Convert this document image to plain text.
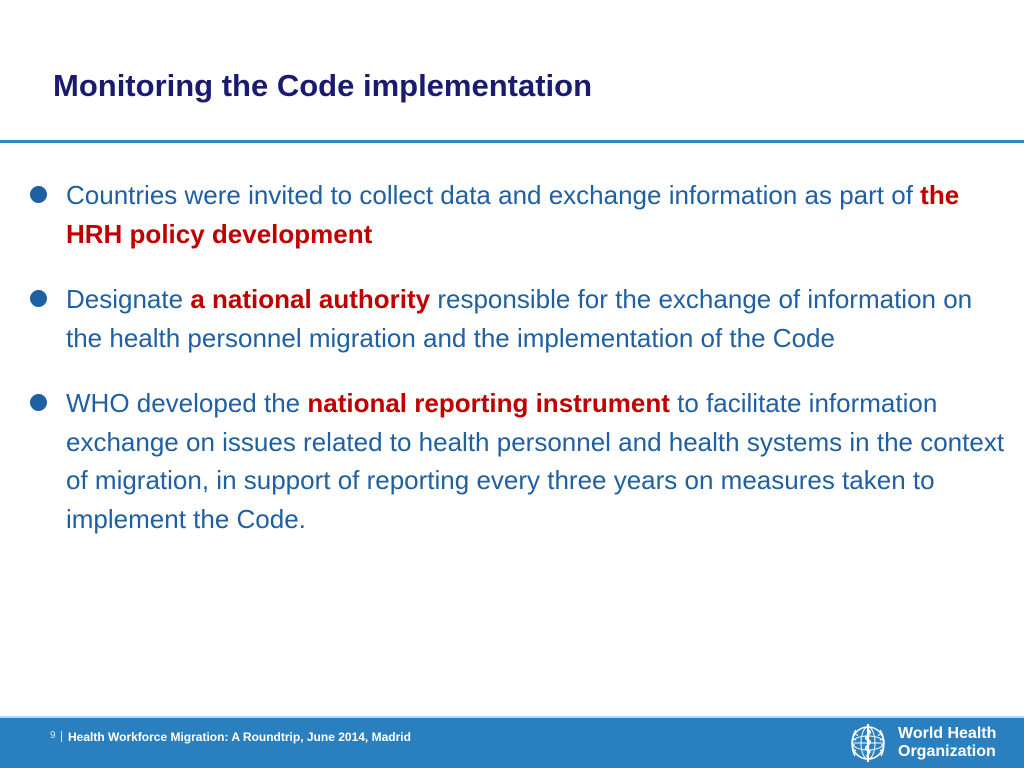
Monitoring the Code implementation
Countries were invited to collect data and exchange information as part of the HRH policy development
Designate a national authority responsible for the exchange of information on the health personnel migration and the implementation of the Code
WHO developed the national reporting instrument to facilitate information exchange on issues related to health personnel and health systems in the context of migration, in support of reporting every three years on measures taken to implement the Code.
9 Health Workforce Migration: A Roundtrip, June 2014, Madrid	World Health
Organization
